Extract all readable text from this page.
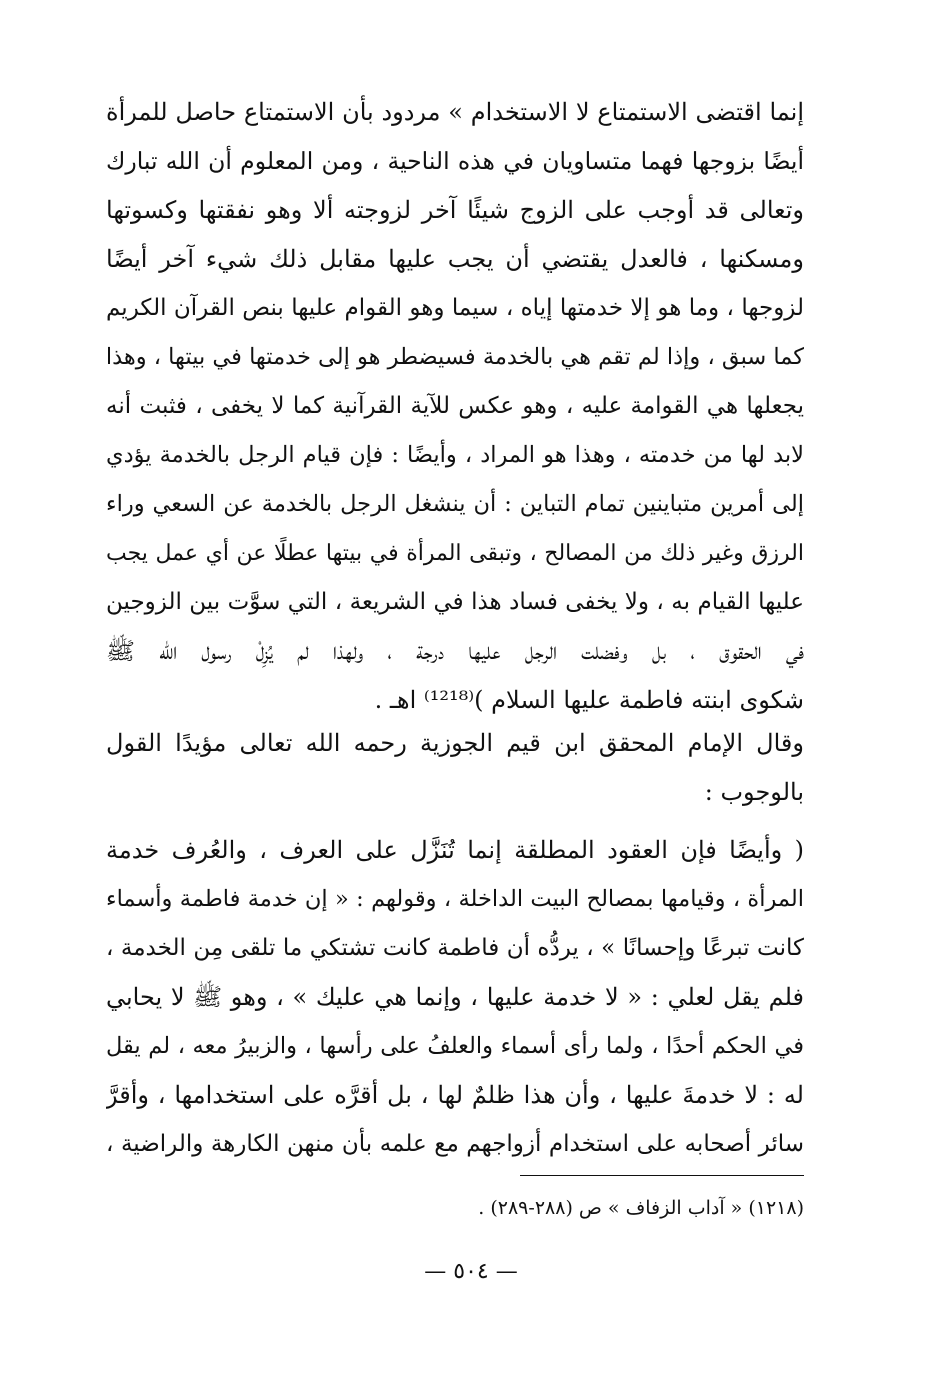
إنما اقتضى الاستمتاع لا الاستخدام » مردود بأن الاستمتاع حاصل للمرأة
أيضًا بزوجها فهما متساويان في هذه الناحية ، ومن المعلوم أن الله تبارك
وتعالى قد أوجب على الزوج شيئًا آخر لزوجته ألا وهو نفقتها وكسوتها
ومسكنها ، فالعدل يقتضي أن يجب عليها مقابل ذلك شيء آخر أيضًا
لزوجها ، وما هو إلا خدمتها إياه ، سيما وهو القوام عليها بنص القرآن الكريم
كما سبق ، وإذا لم تقم هي بالخدمة فسيضطر هو إلى خدمتها في بيتها ، وهذا
يجعلها هي القوامة عليه ، وهو عكس للآية القرآنية كما لا يخفى ، فثبت أنه
لابد لها من خدمته ، وهذا هو المراد ، وأيضًا : فإن قيام الرجل بالخدمة يؤدي
إلى أمرين متباينين تمام التباين : أن ينشغل الرجل بالخدمة عن السعي وراء
الرزق وغير ذلك من المصالح ، وتبقى المرأة في بيتها عطلًا عن أي عمل يجب
عليها القيام به ، ولا يخفى فساد هذا في الشريعة ، التي سوَّت بين الزوجين
في الحقوق ، بل وفضلت الرجل عليها درجة ، ولهذا لم يُزِلْ رسول الله ﷺ
شكوى ابنته فاطمة عليها السلام )⁽¹²¹⁸⁾ اهـ .
وقال الإمام المحقق ابن قيم الجوزية رحمه الله تعالى مؤيدًا القول
بالوجوب :
( وأيضًا فإن العقود المطلقة إنما تُنَزَّل على العرف ، والعُرف خدمة
المرأة ، وقيامها بمصالح البيت الداخلة ، وقولهم : « إن خدمة فاطمة وأسماء
كانت تبرعًا وإحسانًا » ، يردُّه أن فاطمة كانت تشتكي ما تلقى مِن الخدمة ،
فلم يقل لعلي : « لا خدمة عليها ، وإنما هي عليك » ، وهو ﷺ لا يحابي
في الحكم أحدًا ، ولما رأى أسماء والعلفُ على رأسها ، والزبيرُ معه ، لم يقل
له : لا خدمةَ عليها ، وأن هذا ظلمٌ لها ، بل أقرَّه على استخدامها ، وأقرَّ
سائر أصحابه على استخدام أزواجهم مع علمه بأن منهن الكارهة والراضية ،
(١٢١٨) « آداب الزفاف » ص (٢٨٨-٢٨٩) .
— ٥٠٤ —
